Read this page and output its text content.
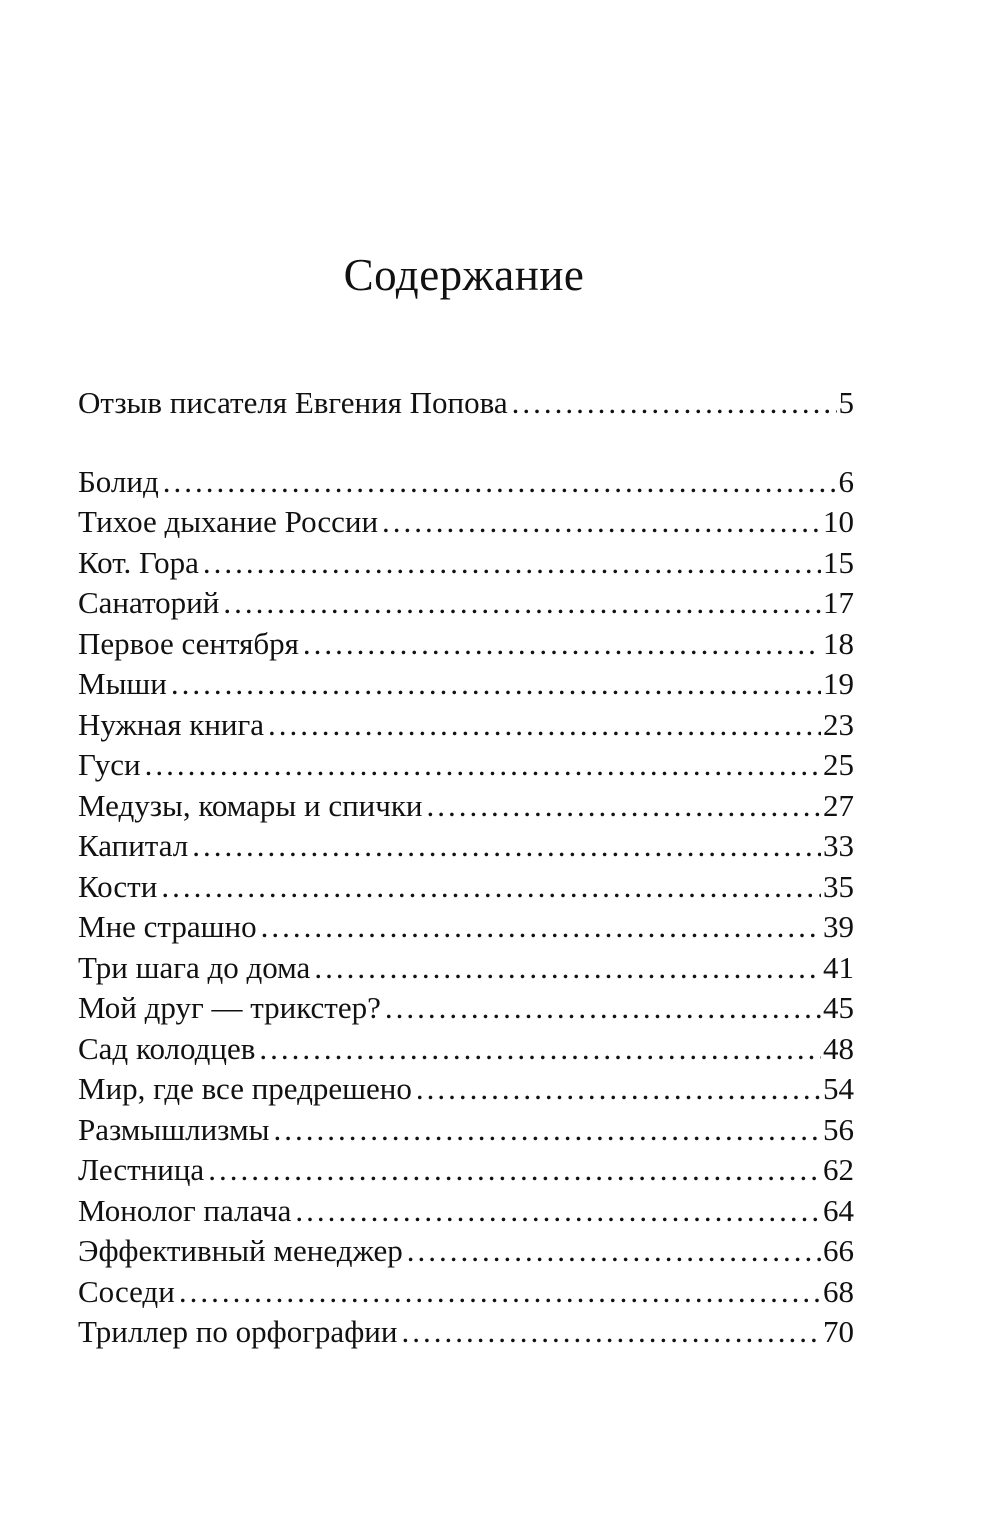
Содержание
Отзыв писателя Евгения Попова .....	5
Болид .....	6
Тихое дыхание России .....	10
Кот. Гора .....	15
Санаторий .....	17
Первое сентября .....	18
Мыши .....	19
Нужная книга .....	23
Гуси .....	25
Медузы, комары и спички .....	27
Капитал .....	33
Кости .....	35
Мне страшно .....	39
Три шага до дома .....	41
Мой друг — трикстер? .....	45
Сад колодцев .....	48
Мир, где все предрешено .....	54
Размышлизмы .....	56
Лестница .....	62
Монолог палача .....	64
Эффективный менеджер .....	66
Соседи .....	68
Триллер по орфографии .....	70
